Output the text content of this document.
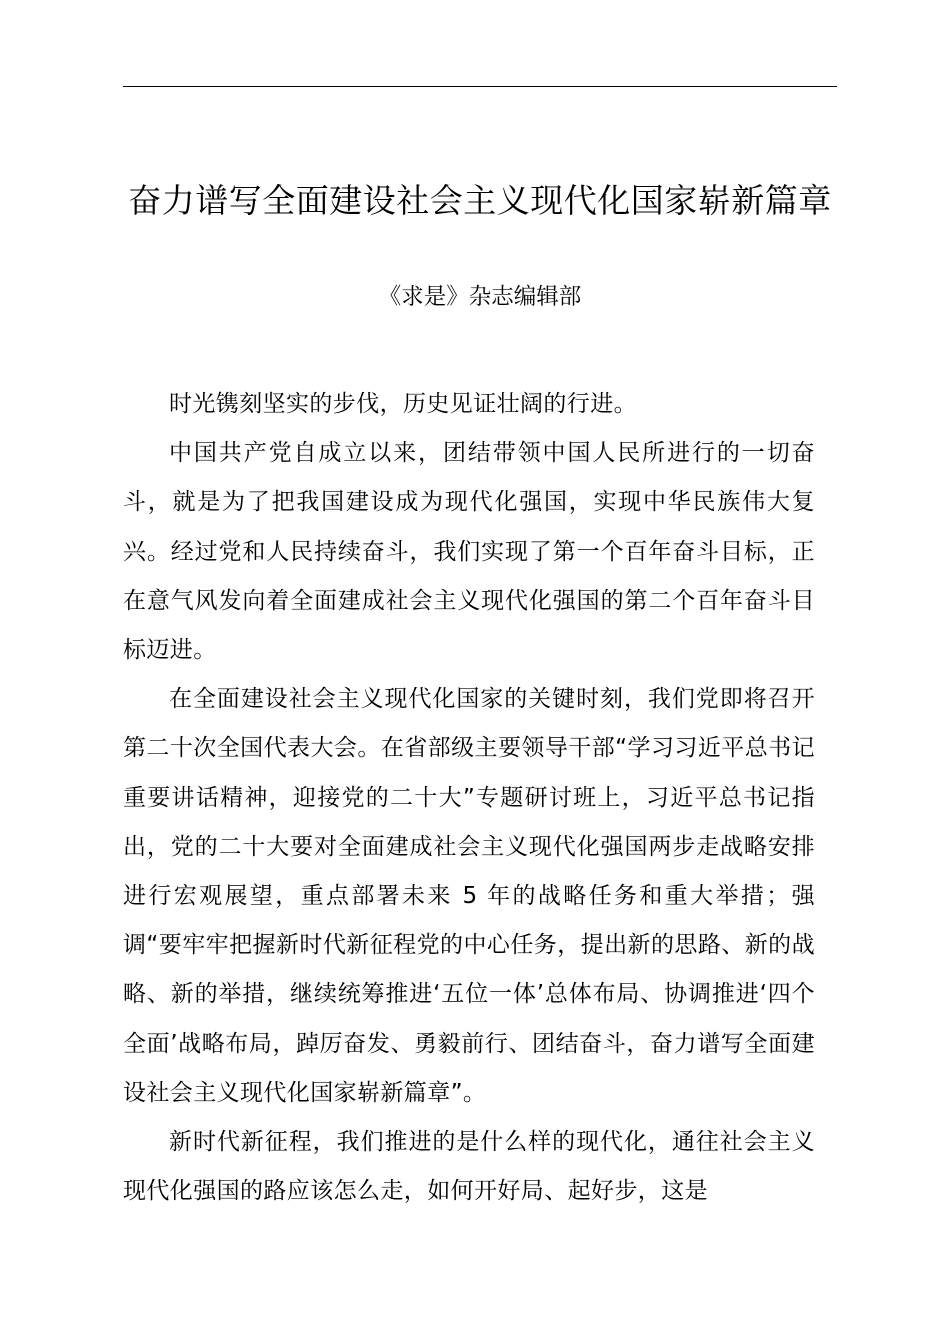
奋力谱写全面建设社会主义现代化国家崭新篇章
《求是》杂志编辑部

时光镌刻坚实的步伐，历史见证壮阔的行进。

中国共产党自成立以来，团结带领中国人民所进行的一切奋斗，就是为了把我国建设成为现代化强国，实现中华民族伟大复兴。经过党和人民持续奋斗，我们实现了第一个百年奋斗目标，正在意气风发向着全面建成社会主义现代化强国的第二个百年奋斗目标迈进。

在全面建设社会主义现代化国家的关键时刻，我们党即将召开第二十次全国代表大会。在省部级主要领导干部“学习习近平总书记重要讲话精神，迎接党的二十大”专题研讨班上，习近平总书记指出，党的二十大要对全面建成社会主义现代化强国两步走战略安排进行宏观展望，重点部署未来 5 年的战略任务和重大举措；强调“要牢牢把握新时代新征程党的中心任务，提出新的思路、新的战略、新的举措，继续统筹推进‘五位一体’总体布局、协调推进‘四个全面’战略布局，踔厉奋发、勇毅前行、团结奋斗，奋力谱写全面建设社会主义现代化国家崭新篇章”。

新时代新征程，我们推进的是什么样的现代化，通往社会主义现代化强国的路应该怎么走，如何开好局、起好步，这是
